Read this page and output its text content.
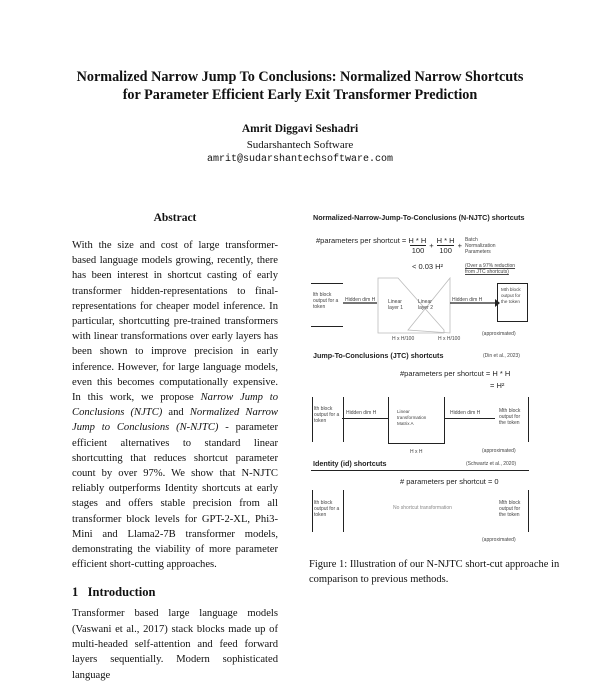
Normalized Narrow Jump To Conclusions: Normalized Narrow Shortcuts
for Parameter Efficient Early Exit Transformer Prediction
Amrit Diggavi Seshadri
Sudarshantech Software
amrit@sudarshantechsoftware.com
Abstract
With the size and cost of large transformer-based language models growing, recently, there has been interest in shortcut casting of early transformer hidden-representations to final-representations for cheaper model inference. In particular, shortcutting pre-trained transformers with linear transformations over early layers has been shown to improve precision in early inference. However, for large language models, even this becomes computationally expensive. In this work, we propose Narrow Jump to Conclusions (NJTC) and Normalized Narrow Jump to Conclusions (N-NJTC) - parameter efficient alternatives to standard linear shortcutting that reduces shortcut parameter count by over 97%. We show that N-NJTC reliably outperforms Identity shortcuts at early stages and offers stable precision from all transformer block levels for GPT-2-XL, Phi3-Mini and Llama2-7B transformer models, demonstrating the viability of more parameter efficient short-cutting approaches.
1 Introduction
Transformer based large language models (Vaswani et al., 2017) stack blocks made up of multi-headed self-attention and feed forward layers sequentially. Modern sophisticated language
Normalized-Narrow-Jump-To-Conclusions (N-NJTC) shortcuts
#parameters per shortcut = H * H
100
+ $\frac{H * H}{100}$ +
Batch Normalization Parameters
< 0.03 H²	(Over a 97% reduction from JTC shortcuts)
lth block output for a token
Hidden dim H	Linear layer 1
Linear layer 2
Hidden dim H
Mth block output for the token
H x H/100	H x H/100
(approximated)
Jump-To-Conclusions (JTC) shortcuts	(Din et al., 2023)
#parameters per shortcut = H * H
= H²
lth block output for a token
Hidden dim H	Linear transformation Matrix A
H x H
Hidden dim H	Mth block output for the token
(approximated)
Identity (id) shortcuts	(Schwartz et al., 2020)
# parameters per shortcut = 0
lth block output for a token
No shortcut transformation
Mth block output for the token
(approximated)
Figure 1: Illustration of our N-NJTC short-cut approache in comparison to previous methods.
